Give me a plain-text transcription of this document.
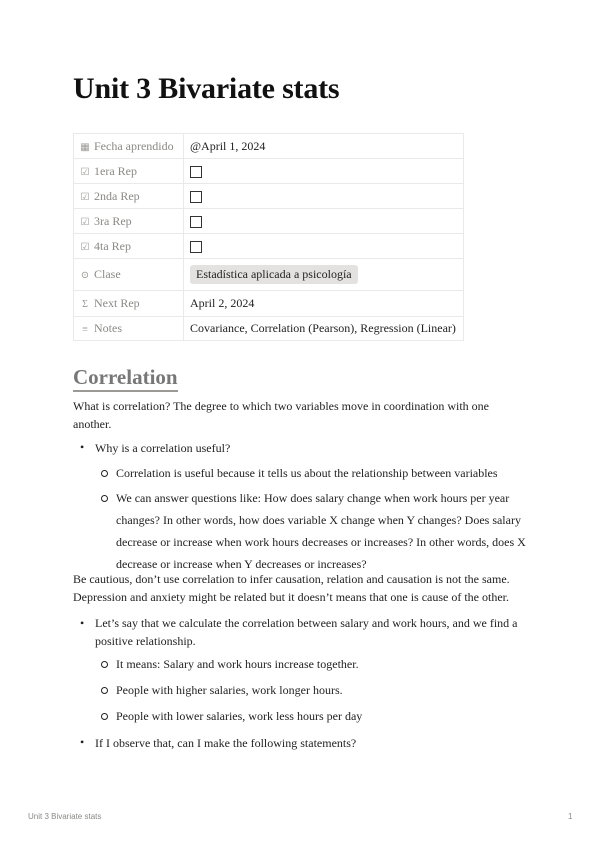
Unit 3 Bivariate stats
▦ Fecha aprendido	@April 1, 2024
☑ 1era Rep	
☑ 2nda Rep	
☑ 3ra Rep	
☑ 4ta Rep	
⊙ Clase	Estadística aplicada a psicología
Σ Next Rep	April 2, 2024
≡ Notes	Covariance, Correlation (Pearson), Regression (Linear)
Correlation

What is correlation? The degree to which two variables move in coordination with one another.

• Why is a correlation useful?
Correlation is useful because it tells us about the relationship between variables
We can answer questions like: How does salary change when work hours per year changes? In other words, how does variable X change when Y changes? Does salary decrease or increase when work hours decreases or increases? In other words, does X decrease or increase when Y decreases or increases?

Be cautious, don’t use correlation to infer causation, relation and causation is not the same. Depression and anxiety might be related but it doesn’t means that one is cause of the other.

• Let’s say that we calculate the correlation between salary and work hours, and we find a positive relationship.
It means: Salary and work hours increase together.
People with higher salaries, work longer hours.
People with lower salaries, work less hours per day
• If I observe that, can I make the following statements?
Unit 3 Bivariate stats	1
